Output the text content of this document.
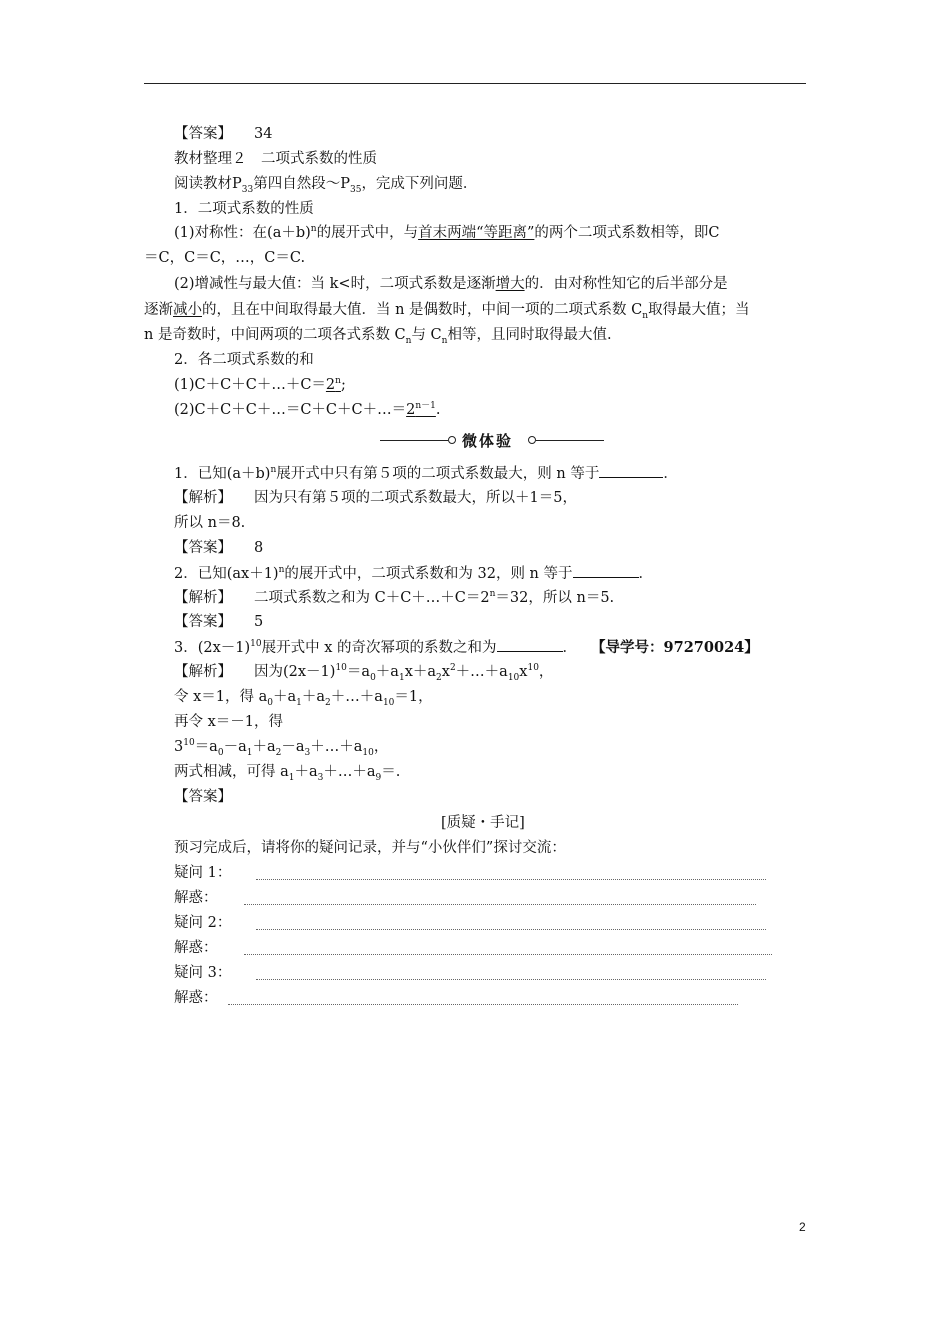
【答案】 34
教材整理２　二项式系数的性质
阅读教材$P_{33}$第四自然段$\sim P_{35}$，完成下列问题．
1．二项式系数的性质
(1)对称性：在$(a+b)^n$的展开式中，与首末两端“等距离”的两个二项式系数相等，即C
＝C，C＝C，…，C＝C.
(2)增减性与最大值：当 k<时，二项式系数是逐渐增大的．由对称性知它的后半部分是
逐渐减小的，且在中间取得最大值．当 n 是偶数时，中间一项的二项式系数 $C_n$取得最大值；当
n 是奇数时，中间两项的二项各式系数 $C_n$与 $C_n$相等，且同时取得最大值.
2．各二项式系数的和
$(1)C+C+C+\dots+C=2^n$;
$(2)C+C+C+\dots=C+C+C+\dots=2^{n-1}$.
微体验
1．已知$(a+b)^n$展开式中只有第５项的二项式系数最大，则 n 等于	．
【解析】 因为只有第５项的二项式系数最大，所以＋1＝5，
所以 n＝8.
【答案】 8
2．已知$(ax+1)^n$的展开式中，二项式系数和为 32，则 n 等于	．
【解析】 二项式系数之和为 $C+C+\dots+C=2^n=32$，所以 n＝5.
【答案】 5
3．$(2x-1)^{10}$展开式中 x 的奇次幂项的系数之和为	． 【导学号：97270024】
【解析】 因为$(2x-1)^{10}=a_0+a_1x+a_2x^2+\dots+a_{10}x^{10}$，
令 x＝1，得 $a_0+a_1+a_2+\dots+a_{10}=1$，
再令 x＝－1，得
$3^{10}=a_0-a_1+a_2-a_3+\dots+a_{10}$，
两式相减，可得 $a_1+a_3+\dots+a_9=$.
【答案】
[质疑・手记]
预习完成后，请将你的疑问记录，并与“小伙伴们”探讨交流：
疑问 1：
解惑：
疑问 2：
解惑：
疑问 3：
解惑：
2
